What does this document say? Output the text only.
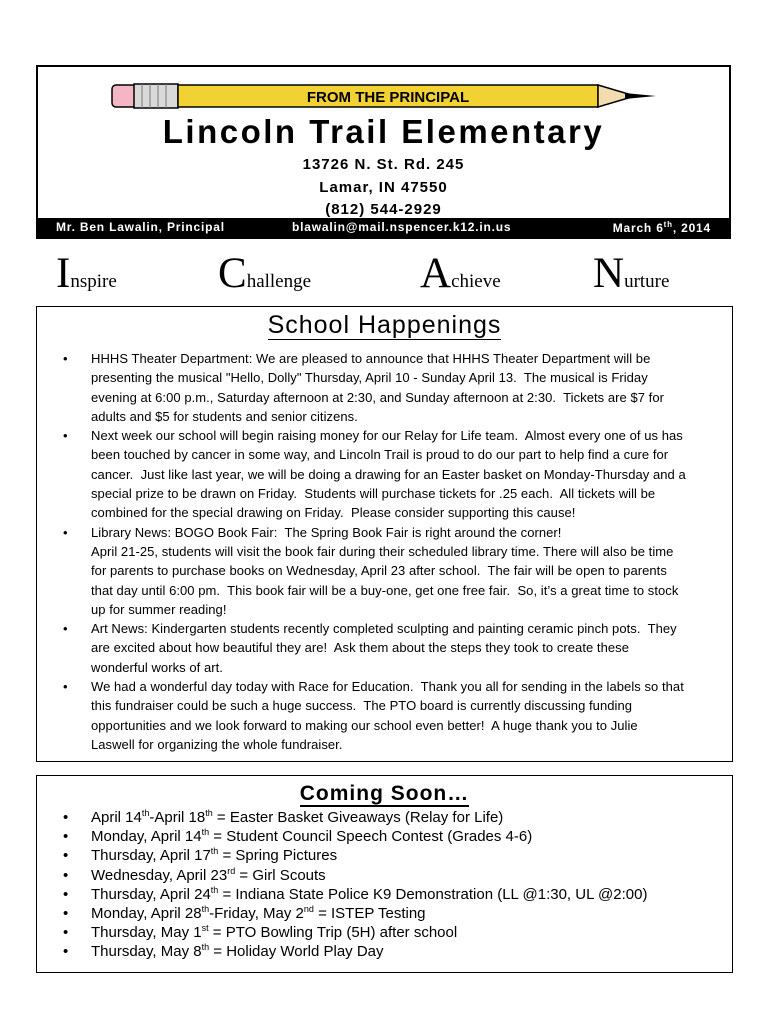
FROM THE PRINCIPAL
Lincoln Trail Elementary
13726 N. St. Rd. 245
Lamar, IN 47550
(812) 544-2929
Mr. Ben Lawalin, Principal	blawalin@mail.nspencer.k12.in.us	March 6th, 2014
Inspire Challenge	Achieve Nurture
School Happenings
• HHHS Theater Department: We are pleased to announce that HHHS Theater Department will be
presenting the musical "Hello, Dolly" Thursday, April 10 - Sunday April 13.  The musical is Friday
evening at 6:00 p.m., Saturday afternoon at 2:30, and Sunday afternoon at 2:30.  Tickets are $7 for
adults and $5 for students and senior citizens.
• Next week our school will begin raising money for our Relay for Life team.  Almost every one of us has
been touched by cancer in some way, and Lincoln Trail is proud to do our part to help find a cure for
cancer.  Just like last year, we will be doing a drawing for an Easter basket on Monday-Thursday and a
special prize to be drawn on Friday.  Students will purchase tickets for .25 each.  All tickets will be
combined for the special drawing on Friday.  Please consider supporting this cause!
• Library News: BOGO Book Fair:  The Spring Book Fair is right around the corner!
April 21-25, students will visit the book fair during their scheduled library time. There will also be time
for parents to purchase books on Wednesday, April 23 after school.  The fair will be open to parents
that day until 6:00 pm.  This book fair will be a buy-one, get one free fair.  So, it’s a great time to stock
up for summer reading!
• Art News: Kindergarten students recently completed sculpting and painting ceramic pinch pots.  They
are excited about how beautiful they are!  Ask them about the steps they took to create these
wonderful works of art.
• We had a wonderful day today with Race for Education.  Thank you all for sending in the labels so that
this fundraiser could be such a huge success.  The PTO board is currently discussing funding
opportunities and we look forward to making our school even better!  A huge thank you to Julie
Laswell for organizing the whole fundraiser.
Coming Soon…
• April 14th-April 18th = Easter Basket Giveaways (Relay for Life)
• Monday, April 14th = Student Council Speech Contest (Grades 4-6)
• Thursday, April 17th = Spring Pictures
• Wednesday, April 23rd = Girl Scouts
• Thursday, April 24th = Indiana State Police K9 Demonstration (LL @1:30, UL @2:00)
• Monday, April 28th-Friday, May 2nd = ISTEP Testing
• Thursday, May 1st = PTO Bowling Trip (5H) after school
• Thursday, May 8th = Holiday World Play Day
